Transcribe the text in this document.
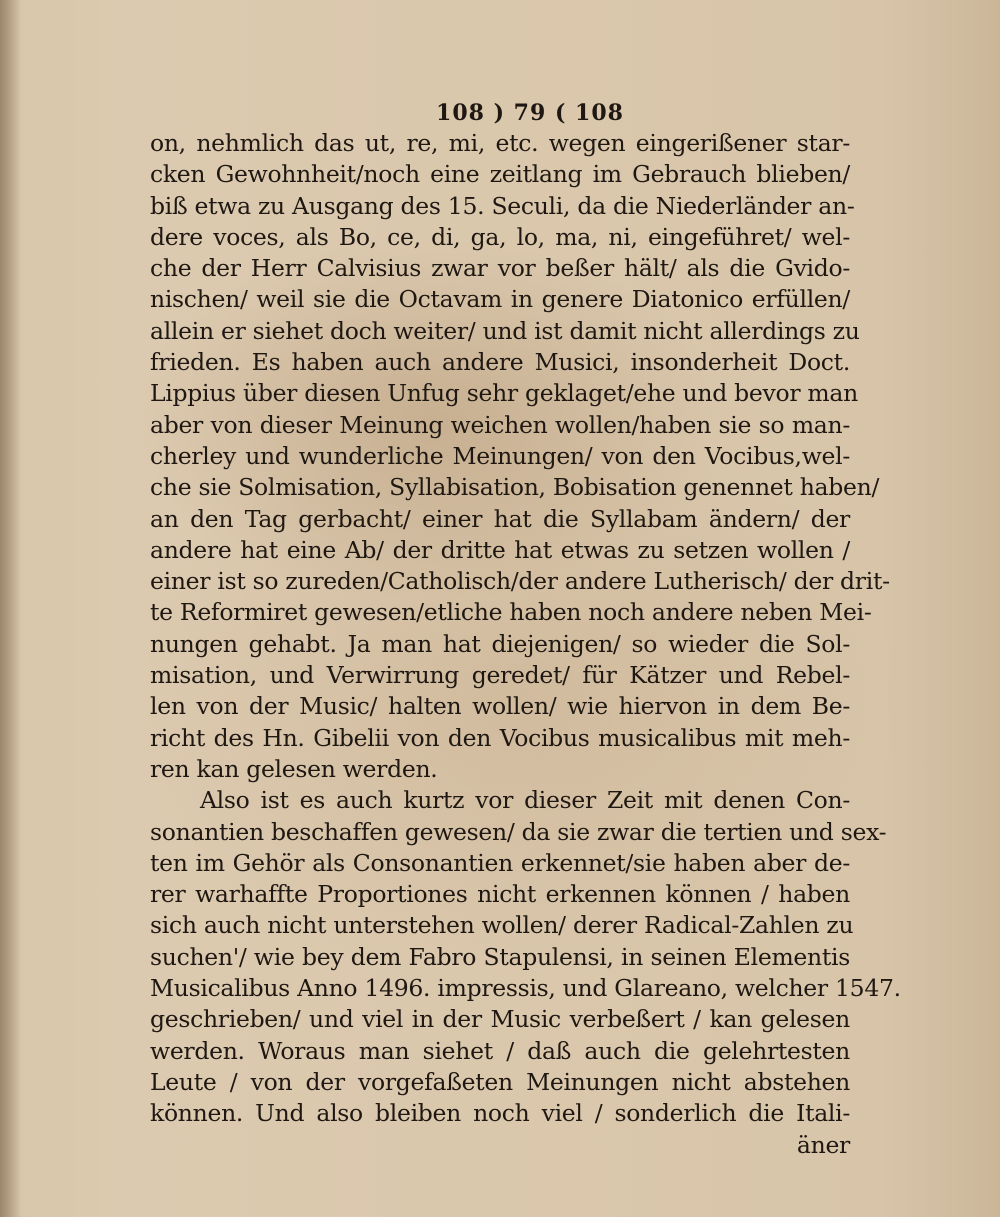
108 ) 79 ( 108
on, nehmlich das ut, re, mi, etc. wegen eingerißener star-
cken Gewohnheit/noch eine zeitlang im Gebrauch blieben/
biß etwa zu Ausgang des 15. Seculi, da die Niederländer an-
dere voces, als Bo, ce, di, ga, lo, ma, ni, eingeführet/ wel-
che der Herr Calvisius zwar vor beßer hält/ als die Gvido-
nischen/ weil sie die Octavam in genere Diatonico erfüllen/
allein er siehet doch weiter/ und ist damit nicht allerdings zu
frieden. Es haben auch andere Musici, insonderheit Doct.
Lippius über diesen Unfug sehr geklaget/ehe und bevor man
aber von dieser Meinung weichen wollen/haben sie so man-
cherley und wunderliche Meinungen/ von den Vocibus,wel-
che sie Solmisation, Syllabisation, Bobisation genennet haben/
an den Tag gerbacht/ einer hat die Syllabam ändern/ der
andere hat eine Ab/ der dritte hat etwas zu setzen wollen /
einer ist so zureden/Catholisch/der andere Lutherisch/ der drit-
te Reformiret gewesen/etliche haben noch andere neben Mei-
nungen gehabt. Ja man hat diejenigen/ so wieder die Sol-
misation, und Verwirrung geredet/ für Kätzer und Rebel-
len von der Music/ halten wollen/ wie hiervon in dem Be-
richt des Hn. Gibelii von den Vocibus musicalibus mit meh-
ren kan gelesen werden.
Also ist es auch kurtz vor dieser Zeit mit denen Con-
sonantien beschaffen gewesen/ da sie zwar die tertien und sex-
ten im Gehör als Consonantien erkennet/sie haben aber de-
rer warhaffte Proportiones nicht erkennen können / haben
sich auch nicht unterstehen wollen/ derer Radical-Zahlen zu
suchen'/ wie bey dem Fabro Stapulensi, in seinen Elementis
Musicalibus Anno 1496. impressis, und Glareano, welcher 1547.
geschrieben/ und viel in der Music verbeßert / kan gelesen
werden. Woraus man siehet / daß auch die gelehrtesten
Leute / von der vorgefaßeten Meinungen nicht abstehen
können. Und also bleiben noch viel / sonderlich die Itali-
äner
